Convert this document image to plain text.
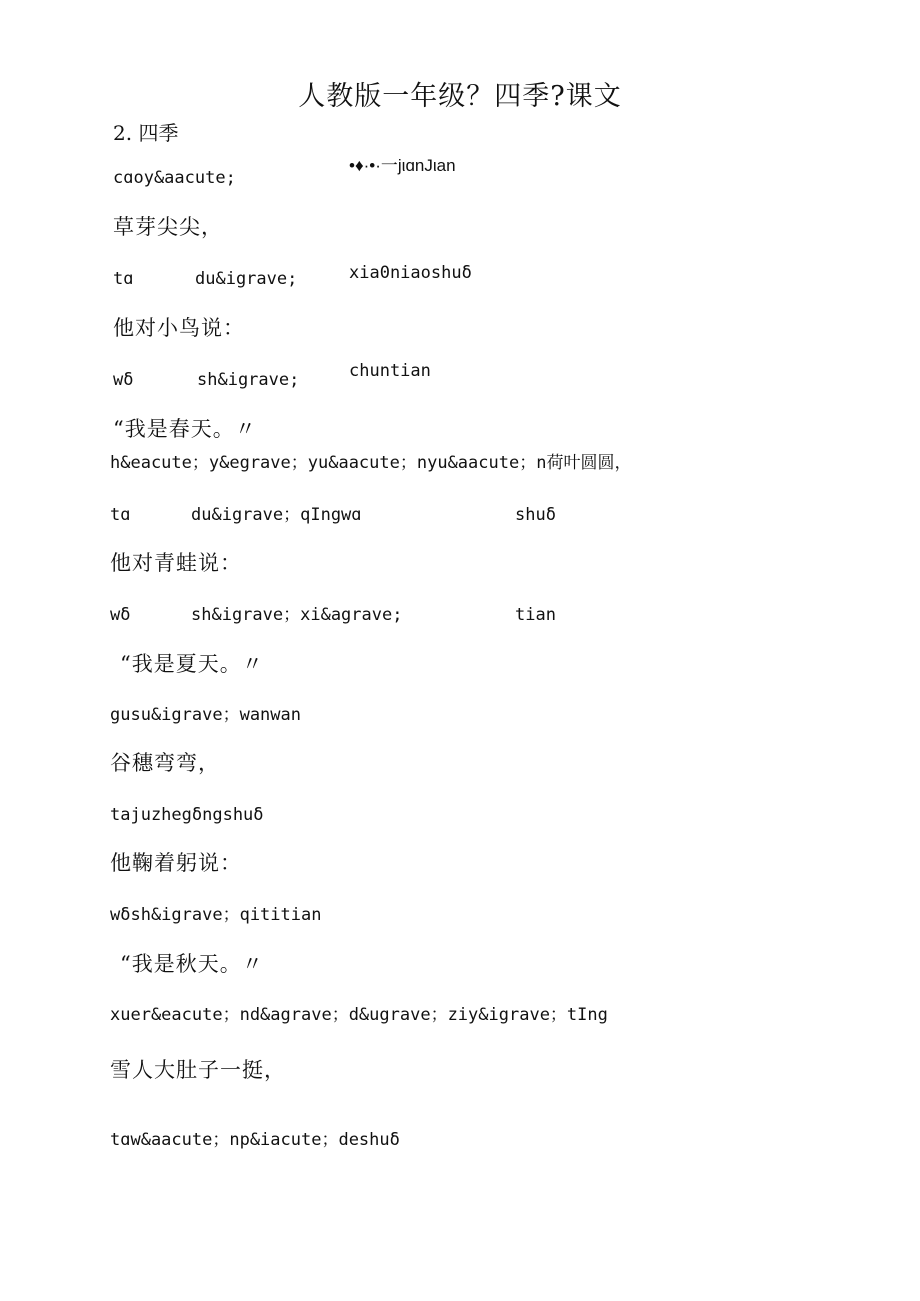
人教版一年级？四季?课文
2. 四季
cɑoy&aacute;
•♦·•·一jιɑnJιan
草芽尖尖，
tɑ	du&igrave;	xia0niaoshuδ
他对小鸟说：
wδ	sh&igrave;	chuntian
“我是春天。〃
h&eacute；y&egrave；yu&aacute；nyu&aacute；n荷叶圆圆，
tɑ	du&igrave；qIngwɑ	shuδ
他对青蛙说：
wδ	sh&igrave；xi&agrave;	tian
“我是夏天。〃
gusu&igrave；wanwan
谷穗弯弯，
tajuzhegδngshuδ
他鞠着躬说：
wδsh&igrave；qititian
“我是秋天。〃
xuer&eacute；nd&agrave；d&ugrave；ziy&igrave；tIng
雪人大肚子一挺，
tɑw&aacute；np&iacute；deshuδ
